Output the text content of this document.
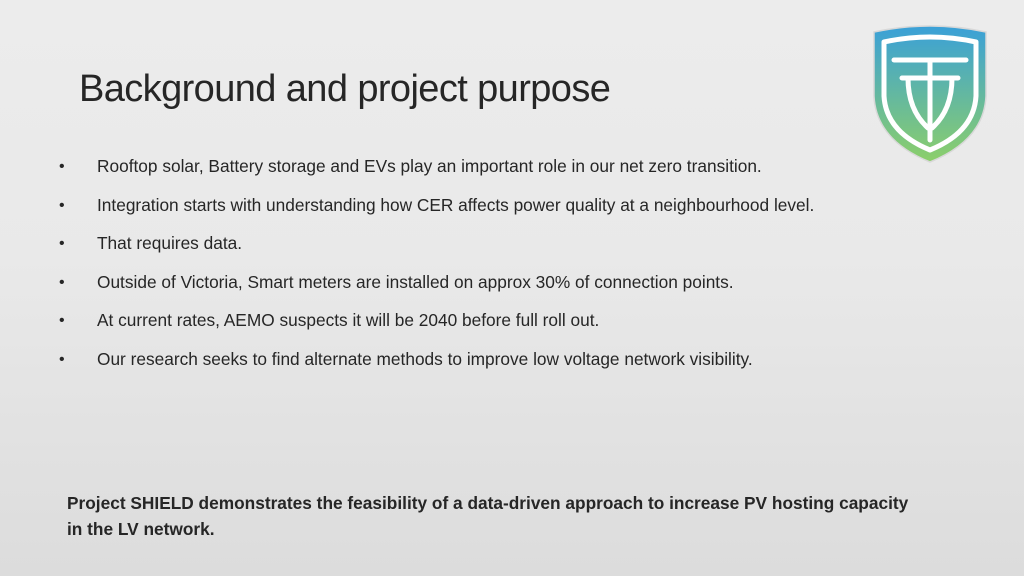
Background and project purpose
• Rooftop solar, Battery storage and EVs play an important role in our net zero transition.
• Integration starts with understanding how CER affects power quality at a neighbourhood level.
• That requires data.
• Outside of Victoria, Smart meters are installed on approx 30% of connection points.
• At current rates, AEMO suspects it will be 2040 before full roll out.
• Our research seeks to find alternate methods to improve low voltage network visibility.

Project SHIELD demonstrates the feasibility of a data-driven approach to increase PV hosting capacity in the LV network.
